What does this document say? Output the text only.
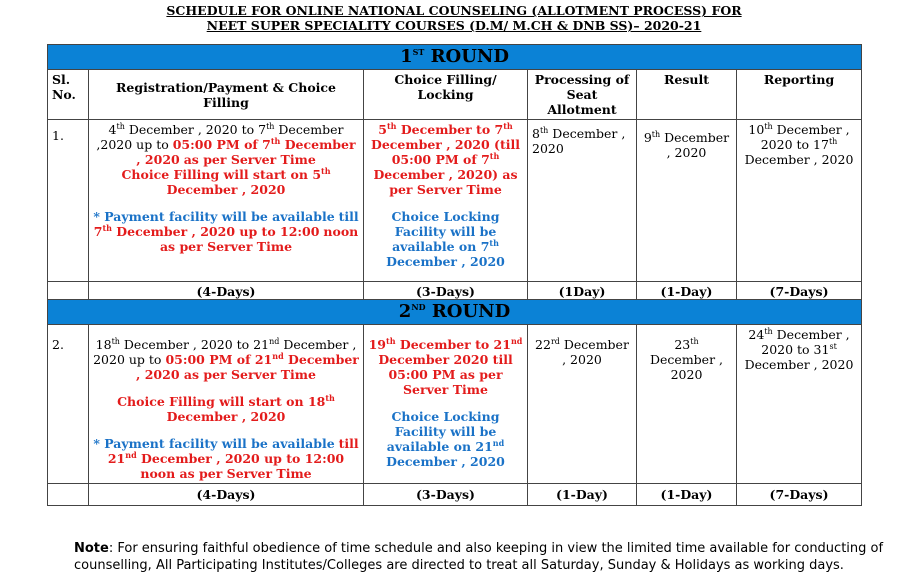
SCHEDULE FOR ONLINE NATIONAL COUNSELING (ALLOTMENT PROCESS) FOR
NEET SUPER SPECIALITY COURSES (D.M/ M.CH & DNB SS)– 2020-21
1ST ROUND					
Sl. No.	Registration/Payment & Choice Filling	Choice Filling/ Locking	Processing of Seat Allotment	Result	Reporting
1.	4th December , 2020 to 7th December ,2020 up to 05:00 PM of 7th December , 2020 as per Server Time
Choice Filling will start on 5th December , 2020
* Payment facility will be available till 7th December , 2020 up to 12:00 noon as per Server Time	5th December to 7th December , 2020 (till 05:00 PM of 7th December , 2020) as per Server Time
Choice Locking Facility will be available on 7th December , 2020	8th December , 2020	9th December , 2020	10th December , 2020 to 17th December , 2020
	(4-Days)	(3-Days)	(1Day)	(1-Day)	(7-Days)
2ND ROUND					
2.	18th December , 2020 to 21nd December , 2020 up to 05:00 PM of 21nd December , 2020 as per Server Time
Choice Filling will start on 18th December , 2020
* Payment facility will be available till 21nd December , 2020 up to 12:00 noon as per Server Time	19th December to 21nd December 2020 till 05:00 PM as per Server Time
Choice Locking Facility will be available on 21nd December , 2020	22rd December , 2020	23th December , 2020	24th December , 2020 to 31st December , 2020
	(4-Days)	(3-Days)	(1-Day)	(1-Day)	(7-Days)
Note: For ensuring faithful obedience of time schedule and also keeping in view the limited time available for conducting of counselling, All Participating Institutes/Colleges are directed to treat all Saturday, Sunday & Holidays as working days.
